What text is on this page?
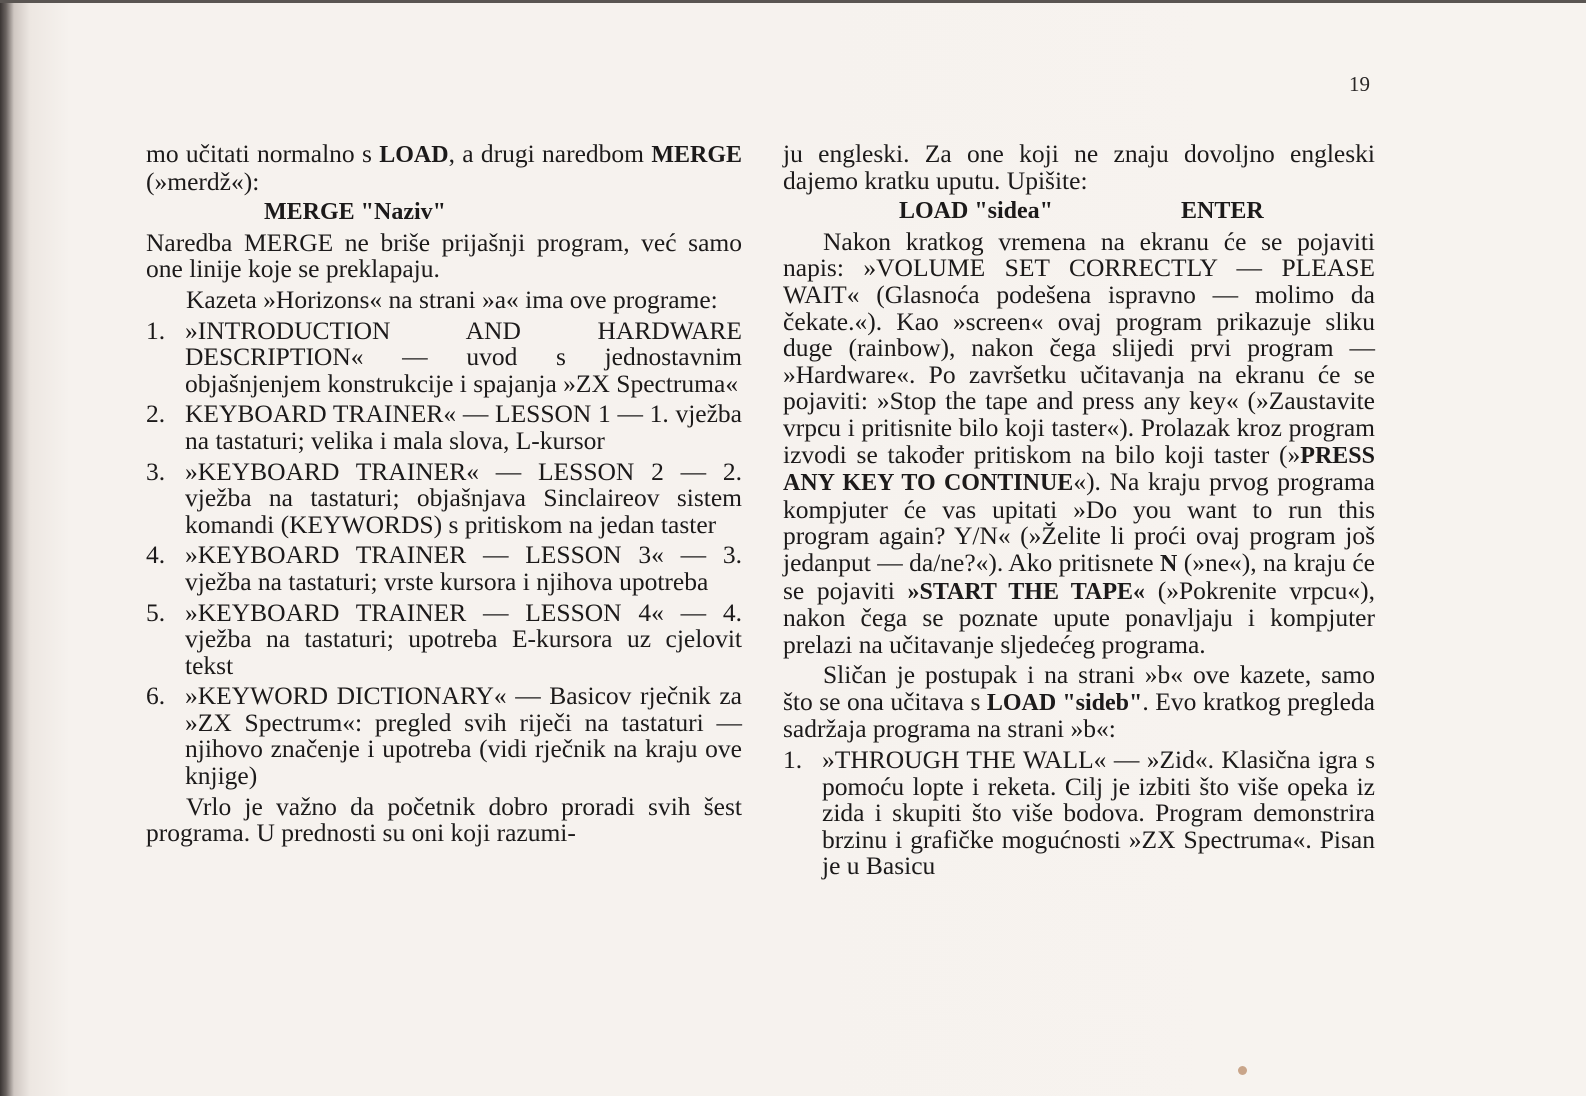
19

mo učitati normalno s LOAD, a drugi naredbom MERGE (»merdž«):

MERGE "Naziv"

Naredba MERGE ne briše prijašnji program, već samo one linije koje se preklapaju.

Kazeta »Horizons« na strani »a« ima ove programe:

1. »INTRODUCTION AND HARDWARE DESCRIPTION« — uvod s jednostavnim objašnjenjem konstrukcije i spajanja »ZX Spectruma«
2. KEYBOARD TRAINER« — LESSON 1 — 1. vježba na tastaturi; velika i mala slova, L-kursor
3. »KEYBOARD TRAINER« — LESSON 2 — 2. vježba na tastaturi; objašnjava Sinclaireov sistem komandi (KEYWORDS) s pritiskom na jedan taster
4. »KEYBOARD TRAINER — LESSON 3« — 3. vježba na tastaturi; vrste kursora i njihova upotreba
5. »KEYBOARD TRAINER — LESSON 4« — 4. vježba na tastaturi; upotreba E-kursora uz cjelovit tekst
6. »KEYWORD DICTIONARY« — Basicov rječnik za »ZX Spectrum«: pregled svih riječi na tastaturi — njihovo značenje i upotreba (vidi rječnik na kraju ove knjige)

Vrlo je važno da početnik dobro proradi svih šest programa. U prednosti su oni koji razumi-

ju engleski. Za one koji ne znaju dovoljno engleski dajemo kratku uputu. Upišite:

LOAD "sidea"	ENTER

Nakon kratkog vremena na ekranu će se pojaviti napis: »VOLUME SET CORRECTLY — PLEASE WAIT« (Glasnoća podešena ispravno — molimo da čekate.«). Kao »screen« ovaj program prikazuje sliku duge (rainbow), nakon čega slijedi prvi program — »Hardware«. Po završetku učitavanja na ekranu će se pojaviti: »Stop the tape and press any key« (»Zaustavite vrpcu i pritisnite bilo koji taster«). Prolazak kroz program izvodi se također pritiskom na bilo koji taster (»PRESS ANY KEY TO CONTINUE«). Na kraju prvog programa kompjuter će vas upitati »Do you want to run this program again? Y/N« (»Želite li proći ovaj program još jedanput — da/ne?«). Ako pritisnete N (»ne«), na kraju će se pojaviti »START THE TAPE« (»Pokrenite vrpcu«), nakon čega se poznate upute ponavljaju i kompjuter prelazi na učitavanje sljedećeg programa.

Sličan je postupak i na strani »b« ove kazete, samo što se ona učitava s LOAD "sideb". Evo kratkog pregleda sadržaja programa na strani »b«:

1. »THROUGH THE WALL« — »Zid«. Klasična igra s pomoću lopte i reketa. Cilj je izbiti što više opeka iz zida i skupiti što više bodova. Program demonstrira brzinu i grafičke mogućnosti »ZX Spectruma«. Pisan je u Basicu
